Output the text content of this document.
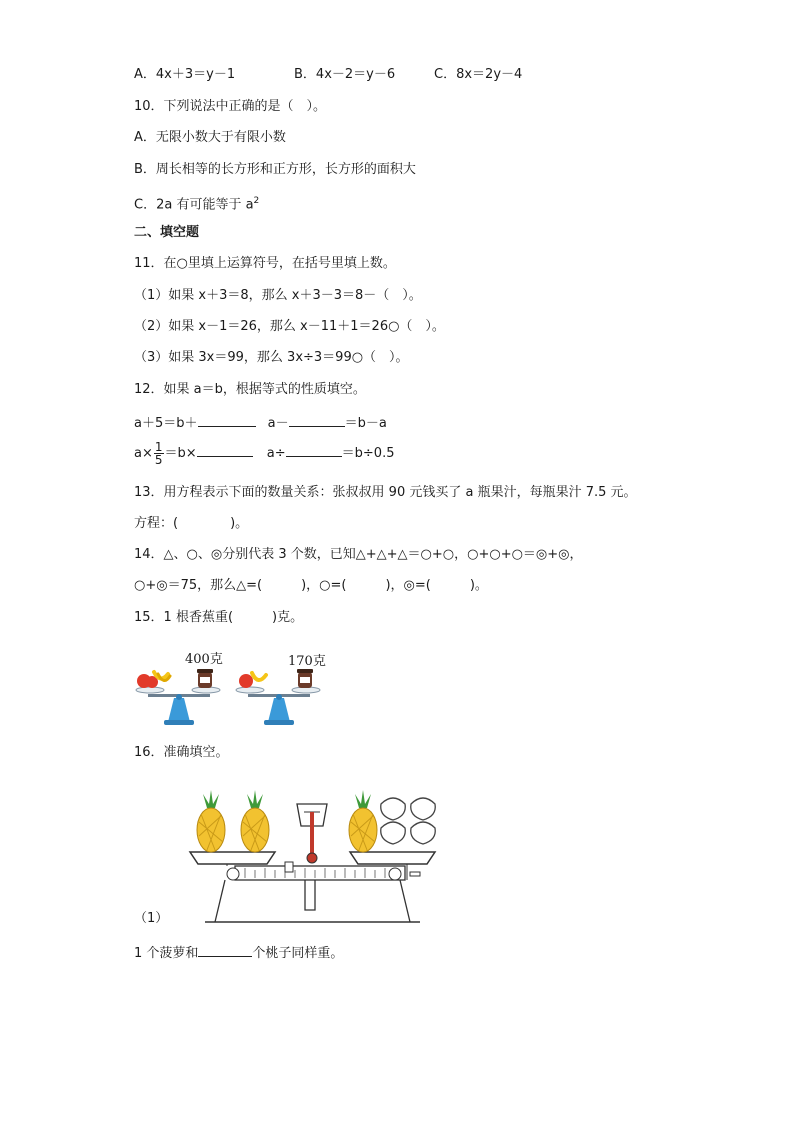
A．4x＋3＝y－1	B．4x－2＝y－6	C．8x＝2y－4
10．下列说法中正确的是（　）。
A．无限小数大于有限小数
B．周长相等的长方形和正方形，长方形的面积大
C．2a 有可能等于 $a^2$
二、填空题
11．在○里填上运算符号，在括号里填上数。
（1）如果 x＋3＝8，那么 x＋3－3＝8－（　）。
（2）如果 x－1＝26，那么 x－11＋1＝26○（　）。
（3）如果 3x＝99，那么 3x÷3＝99○（　）。
12．如果 a＝b，根据等式的性质填空。
a＋5＝b＋	a－	＝b－a
$a\times \frac{1}{5} =b\times$	a÷	＝b÷0.5
13．用方程表示下面的数量关系：张叔叔用 90 元钱买了 a 瓶果汁，每瓶果汁 7.5 元。
方程：(　　　　)。
14．△、○、◎分别代表 3 个数，已知△+△+△＝○+○，○+○+○＝◎+◎，
○+◎＝75，那么△=(　　　)，○=(　　　)，◎=(　　　)。
15．1 根香蕉重(　　　)克。
400克	170克
16．准确填空。
（1）
1 个菠萝和	个桃子同样重。
